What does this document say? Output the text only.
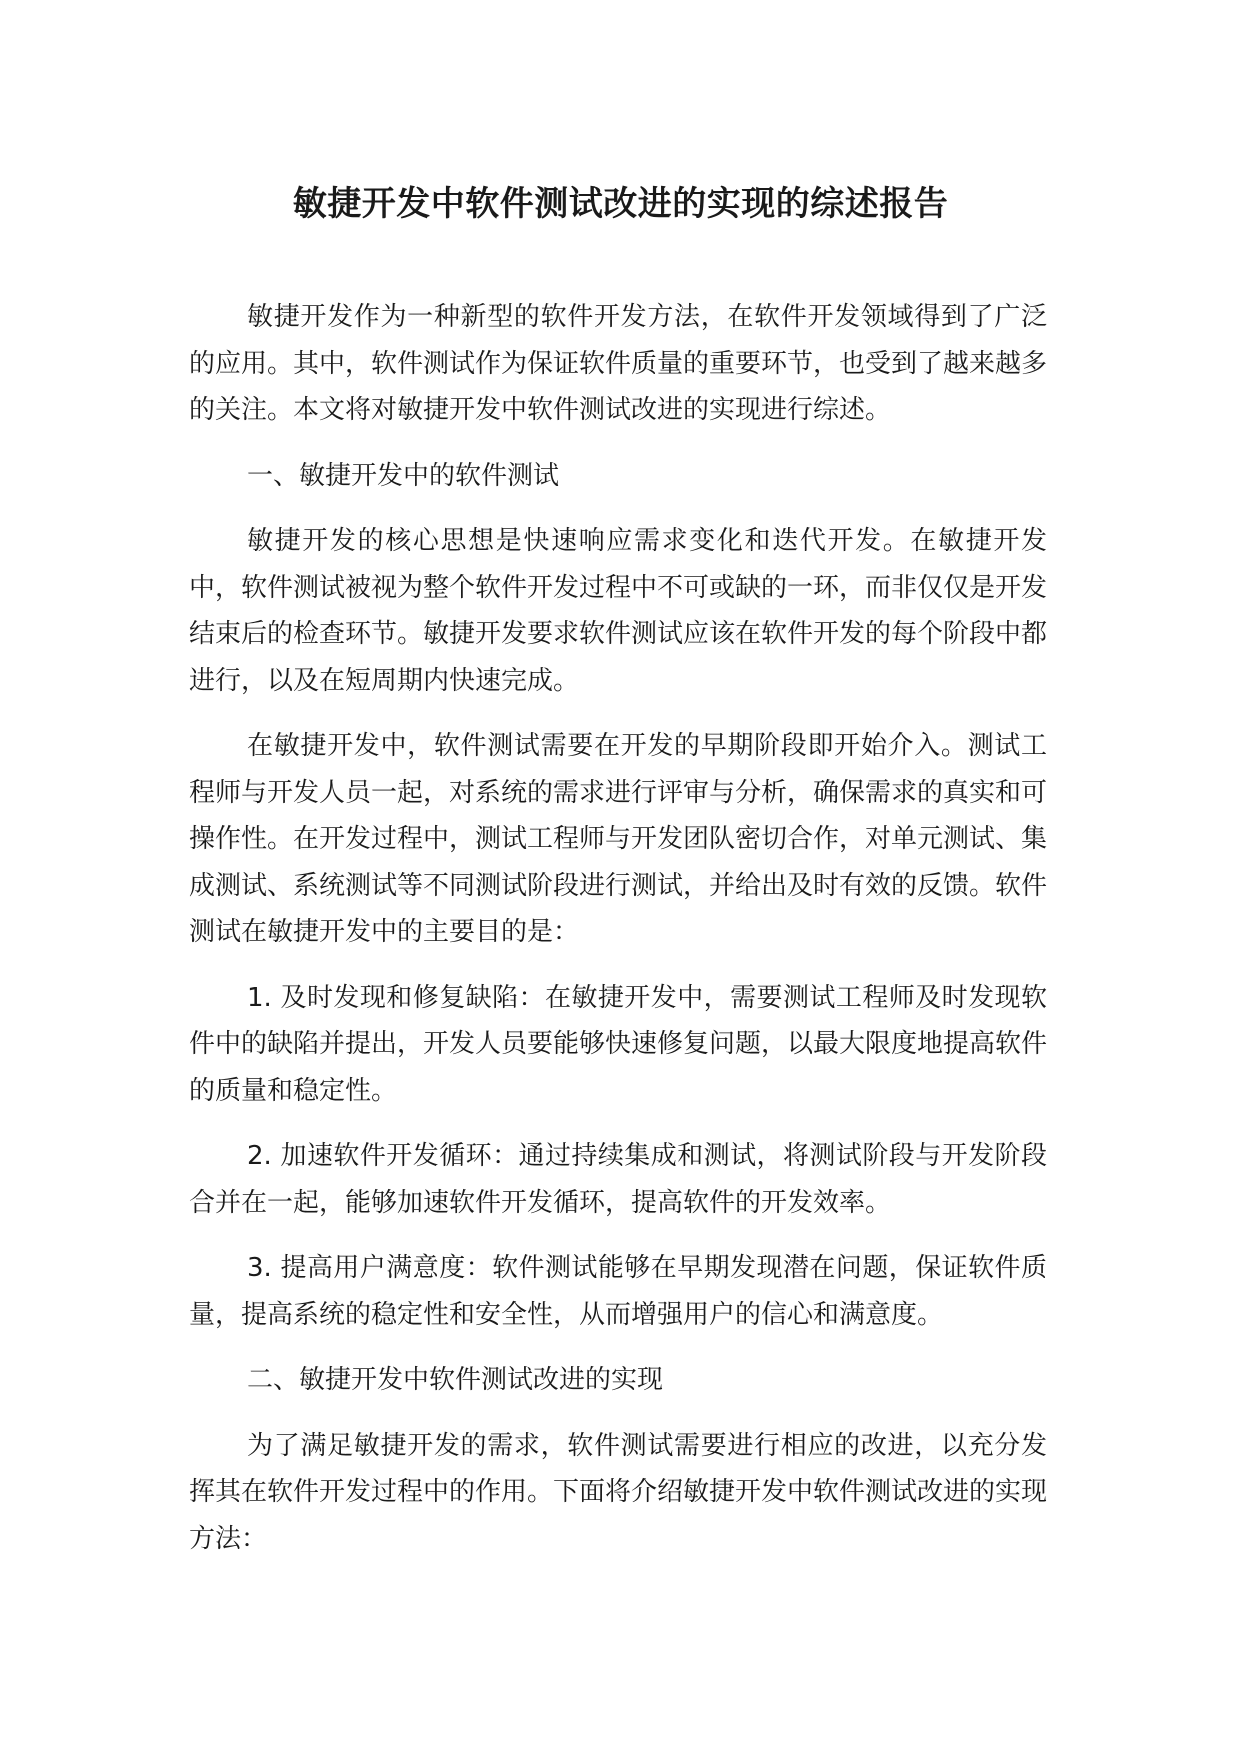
敏捷开发中软件测试改进的实现的综述报告

敏捷开发作为一种新型的软件开发方法，在软件开发领域得到了广泛的应用。其中，软件测试作为保证软件质量的重要环节，也受到了越来越多的关注。本文将对敏捷开发中软件测试改进的实现进行综述。

一、敏捷开发中的软件测试

敏捷开发的核心思想是快速响应需求变化和迭代开发。在敏捷开发中，软件测试被视为整个软件开发过程中不可或缺的一环，而非仅仅是开发结束后的检查环节。敏捷开发要求软件测试应该在软件开发的每个阶段中都进行，以及在短周期内快速完成。

在敏捷开发中，软件测试需要在开发的早期阶段即开始介入。测试工程师与开发人员一起，对系统的需求进行评审与分析，确保需求的真实和可操作性。在开发过程中，测试工程师与开发团队密切合作，对单元测试、集成测试、系统测试等不同测试阶段进行测试，并给出及时有效的反馈。软件测试在敏捷开发中的主要目的是：

1. 及时发现和修复缺陷：在敏捷开发中，需要测试工程师及时发现软件中的缺陷并提出，开发人员要能够快速修复问题，以最大限度地提高软件的质量和稳定性。

2. 加速软件开发循环：通过持续集成和测试，将测试阶段与开发阶段合并在一起，能够加速软件开发循环，提高软件的开发效率。

3. 提高用户满意度：软件测试能够在早期发现潜在问题，保证软件质量，提高系统的稳定性和安全性，从而增强用户的信心和满意度。

二、敏捷开发中软件测试改进的实现

为了满足敏捷开发的需求，软件测试需要进行相应的改进，以充分发挥其在软件开发过程中的作用。下面将介绍敏捷开发中软件测试改进的实现方法：
